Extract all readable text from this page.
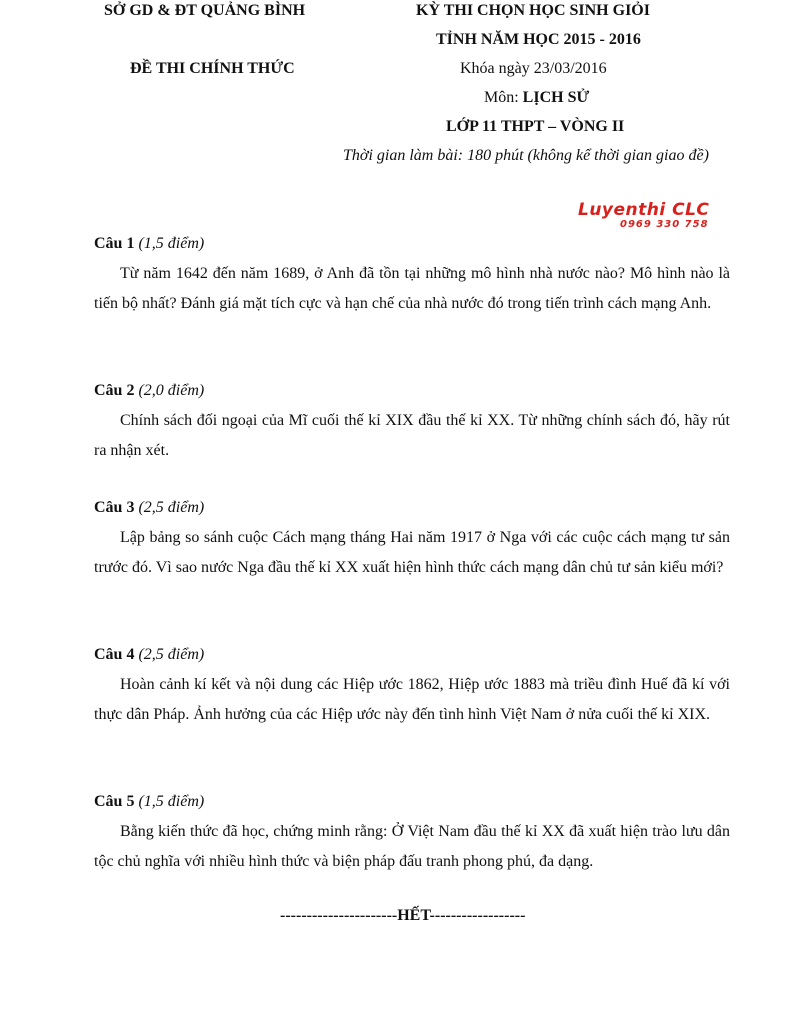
SỞ GD & ĐT QUẢNG BÌNH
ĐỀ THI CHÍNH THỨC
KỲ THI CHỌN HỌC SINH GIỎI
TỈNH NĂM HỌC 2015 - 2016
Khóa ngày 23/03/2016
Môn: LỊCH SỬ
LỚP 11 THPT – VÒNG II
Thời gian làm bài: 180 phút (không kể thời gian giao đề)
Luyenthi CLC
0969 330 758
Câu 1 (1,5 điểm)

Từ năm 1642 đến năm 1689, ở Anh đã tồn tại những mô hình nhà nước nào? Mô hình nào là tiến bộ nhất? Đánh giá mặt tích cực và hạn chế của nhà nước đó trong tiến trình cách mạng Anh.

Câu 2 (2,0 điểm)

Chính sách đối ngoại của Mĩ cuối thế kỉ XIX đầu thế kỉ XX. Từ những chính sách đó, hãy rút ra nhận xét.

Câu 3 (2,5 điểm)

Lập bảng so sánh cuộc Cách mạng tháng Hai năm 1917 ở Nga với các cuộc cách mạng tư sản trước đó. Vì sao nước Nga đầu thế kỉ XX xuất hiện hình thức cách mạng dân chủ tư sản kiểu mới?

Câu 4 (2,5 điểm)

Hoàn cảnh kí kết và nội dung các Hiệp ước 1862, Hiệp ước 1883 mà triều đình Huế đã kí với thực dân Pháp. Ảnh hưởng của các Hiệp ước này đến tình hình Việt Nam ở nửa cuối thế kỉ XIX.

Câu 5 (1,5 điểm)

Bằng kiến thức đã học, chứng minh rằng: Ở Việt Nam đầu thế kỉ XX đã xuất hiện trào lưu dân tộc chủ nghĩa với nhiều hình thức và biện pháp đấu tranh phong phú, đa dạng.

----------------------HẾT------------------
